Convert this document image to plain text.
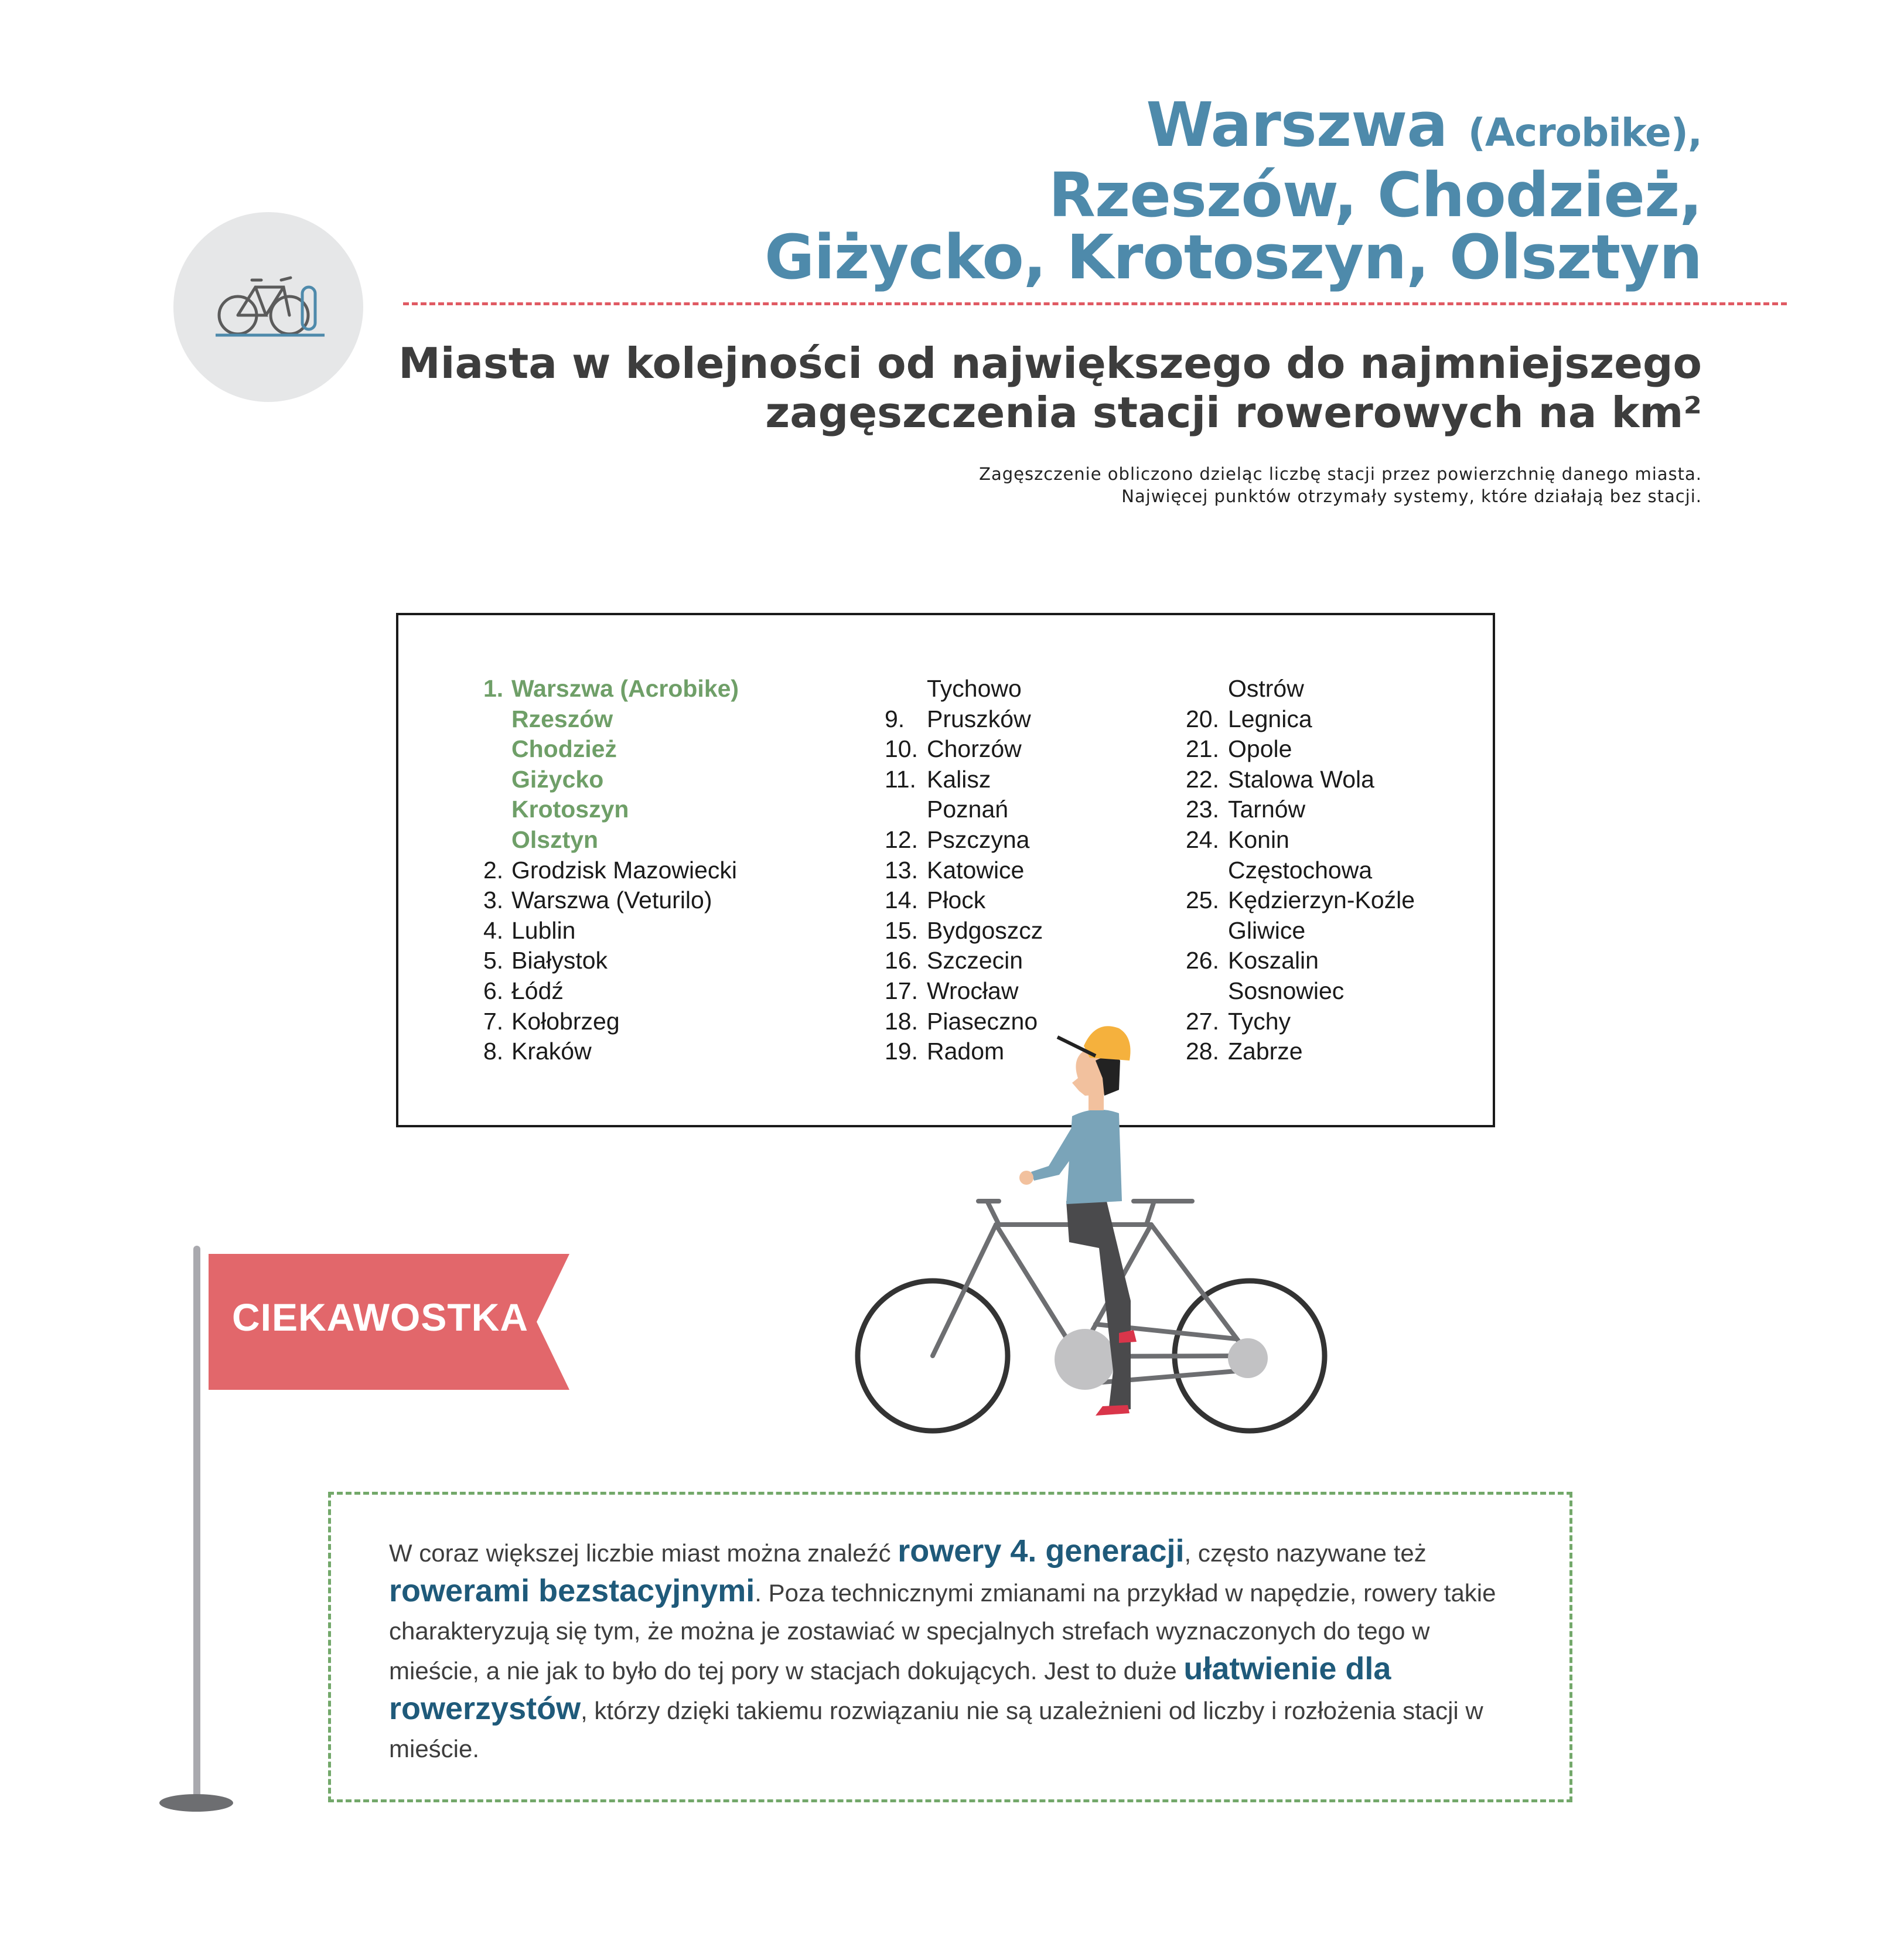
Warszwa (Acrobike),
Rzeszów, Chodzież,
Giżycko, Krotoszyn, Olsztyn
Miasta w kolejności od największego do najmniejszego
zagęszczenia stacji rowerowych na km²
Zagęszczenie obliczono dzieląc liczbę stacji przez powierzchnię danego miasta.
Najwięcej punktów otrzymały systemy, które działają bez stacji.
1. Warszwa (Acrobike)
Rzeszów
Chodzież
Giżycko
Krotoszyn
Olsztyn
2. Grodzisk Mazowiecki
3. Warszwa (Veturilo)
4. Lublin
5. Białystok
6. Łódź
7. Kołobrzeg
8. Kraków
Tychowo
9. Pruszków
10. Chorzów
11. Kalisz
Poznań
12. Pszczyna
13. Katowice
14. Płock
15. Bydgoszcz
16. Szczecin
17. Wrocław
18. Piaseczno
19. Radom
Ostrów
20. Legnica
21. Opole
22. Stalowa Wola
23. Tarnów
24. Konin
Częstochowa
25. Kędzierzyn-Koźle
Gliwice
26. Koszalin
Sosnowiec
27. Tychy
28. Zabrze
CIEKAWOSTKA
W coraz większej liczbie miast można znaleźć rowery 4. generacji, często nazywane też rowerami bezstacyjnymi. Poza technicznymi zmianami na przykład w napędzie, rowery takie charakteryzują się tym, że można je zostawiać w specjalnych strefach wyznaczonych do tego w mieście, a nie jak to było do tej pory w stacjach dokujących. Jest to duże ułatwienie dla rowerzystów, którzy dzięki takiemu rozwiązaniu nie są uzależnieni od liczby i rozłożenia stacji w mieście.
